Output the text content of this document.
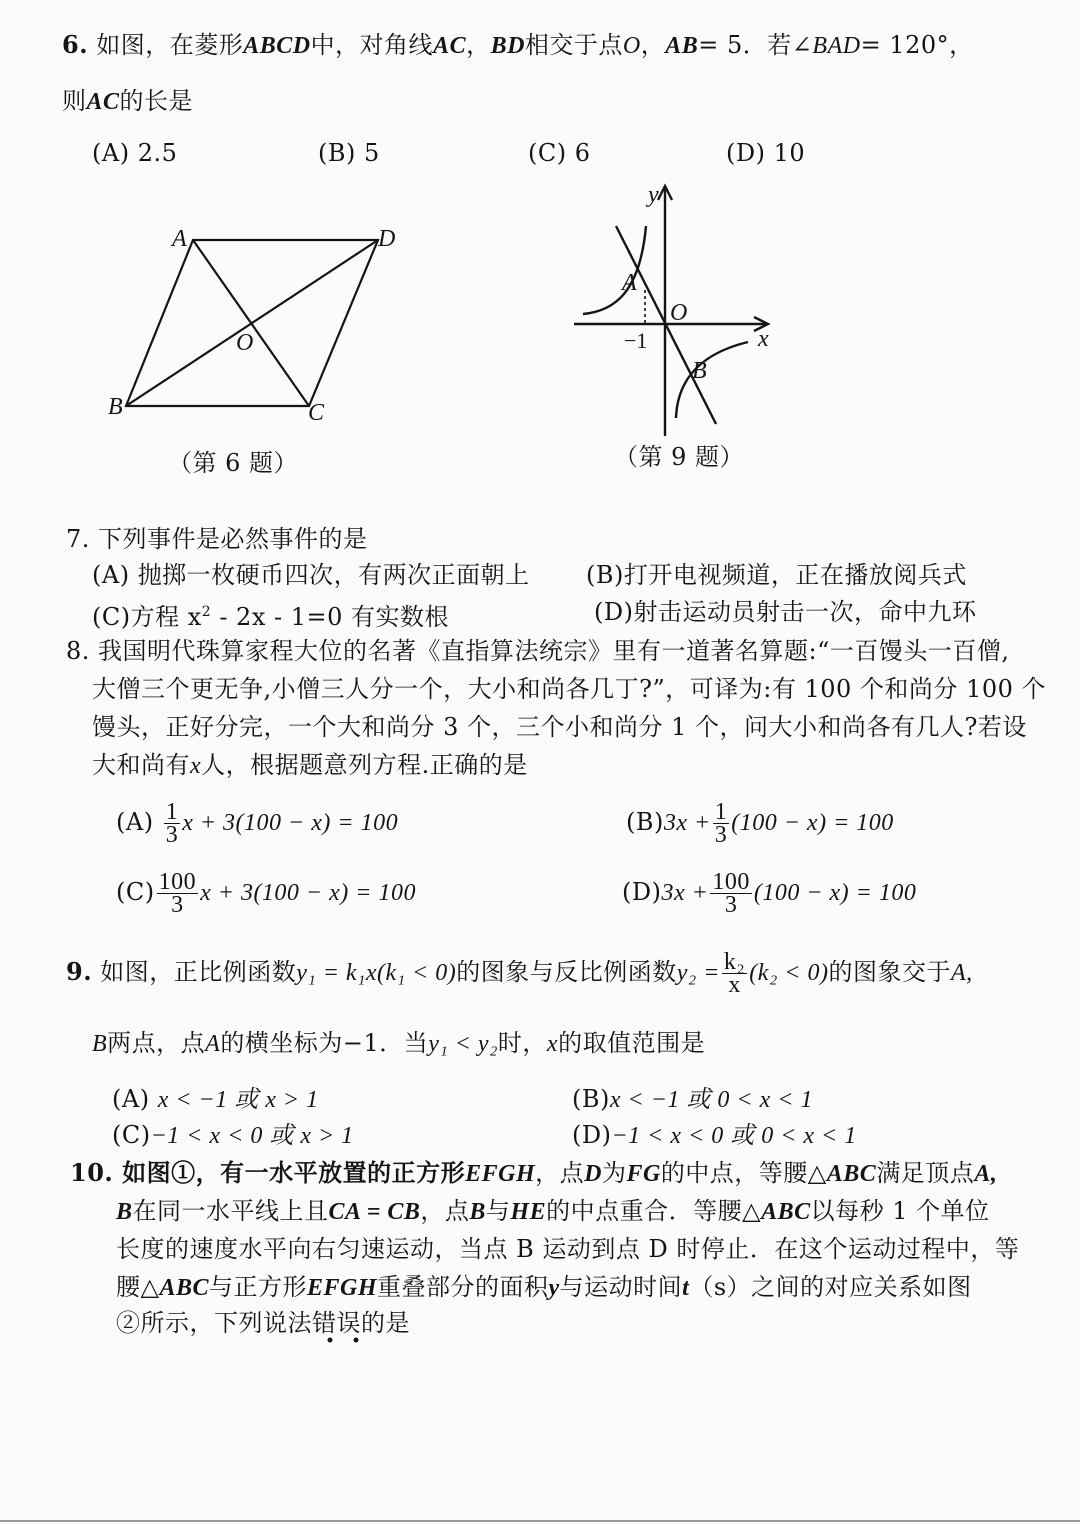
6. 如图，在菱形ABCD中，对角线AC，BD相交于点O，AB= 5．若∠BAD= 120°，
则AC的长是
(A) 2.5	(B) 5	(C) 6	(D) 10
A	D
B	C
O
（第 6 题）
y
x
O
A
B
−1
（第 9 题）
7. 下列事件是必然事件的是
(A) 抛掷一枚硬币四次，有两次正面朝上 (B)打开电视频道，正在播放阅兵式
(C)方程 $x^2 - 2x - 1=0$ 有实数根	(D)射击运动员射击一次，命中九环
8. 我国明代珠算家程大位的名著《直指算法统宗》里有一道著名算题:“一百馒头一百僧,
大僧三个更无争,小僧三人分一个，大小和尚各几丁?”，可译为:有 100 个和尚分 100 个
馒头，正好分完，一个大和尚分 3 个，三个小和尚分 1 个，问大小和尚各有几人?若设
大和尚有x人，根据题意列方程.正确的是
$(A) \frac{1}{3}$ x + 3(100 − x) = 100	$(B)3x + \frac{1}{3} (100 - x) = 100$
$(C) \frac{100}{3}$ x + 3(100 − x) = 100	$(D)3x + \frac{100}{3} (100 - x) = 100$
9. 如图，正比例函数y₁ = k₁x(k₁ < 0)的图象与反比例函数$y_2 = \frac{\text{k₂}}{x} (k_2 < 0)$的图象交于A,
B两点，点A的横坐标为−1．当y₁ < y₂时，x的取值范围是
(A) x < −1 或 x > 1	(B)x < −1 或 0 < x < 1
(C)−1 < x < 0 或 x > 1	(D)−1 < x < 0 或 0 < x < 1
10. 如图①，有一水平放置的正方形EFGH，点D为FG的中点，等腰△ABC满足顶点A,
B在同一水平线上且CA = CB，点B与HE的中点重合．等腰△ABC以每秒 1 个单位
长度的速度水平向右匀速运动，当点 B 运动到点 D 时停止．在这个运动过程中，等
腰△ABC与正方形EFGH重叠部分的面积y与运动时间t（s）之间的对应关系如图
②所示，下列说法错误的是
